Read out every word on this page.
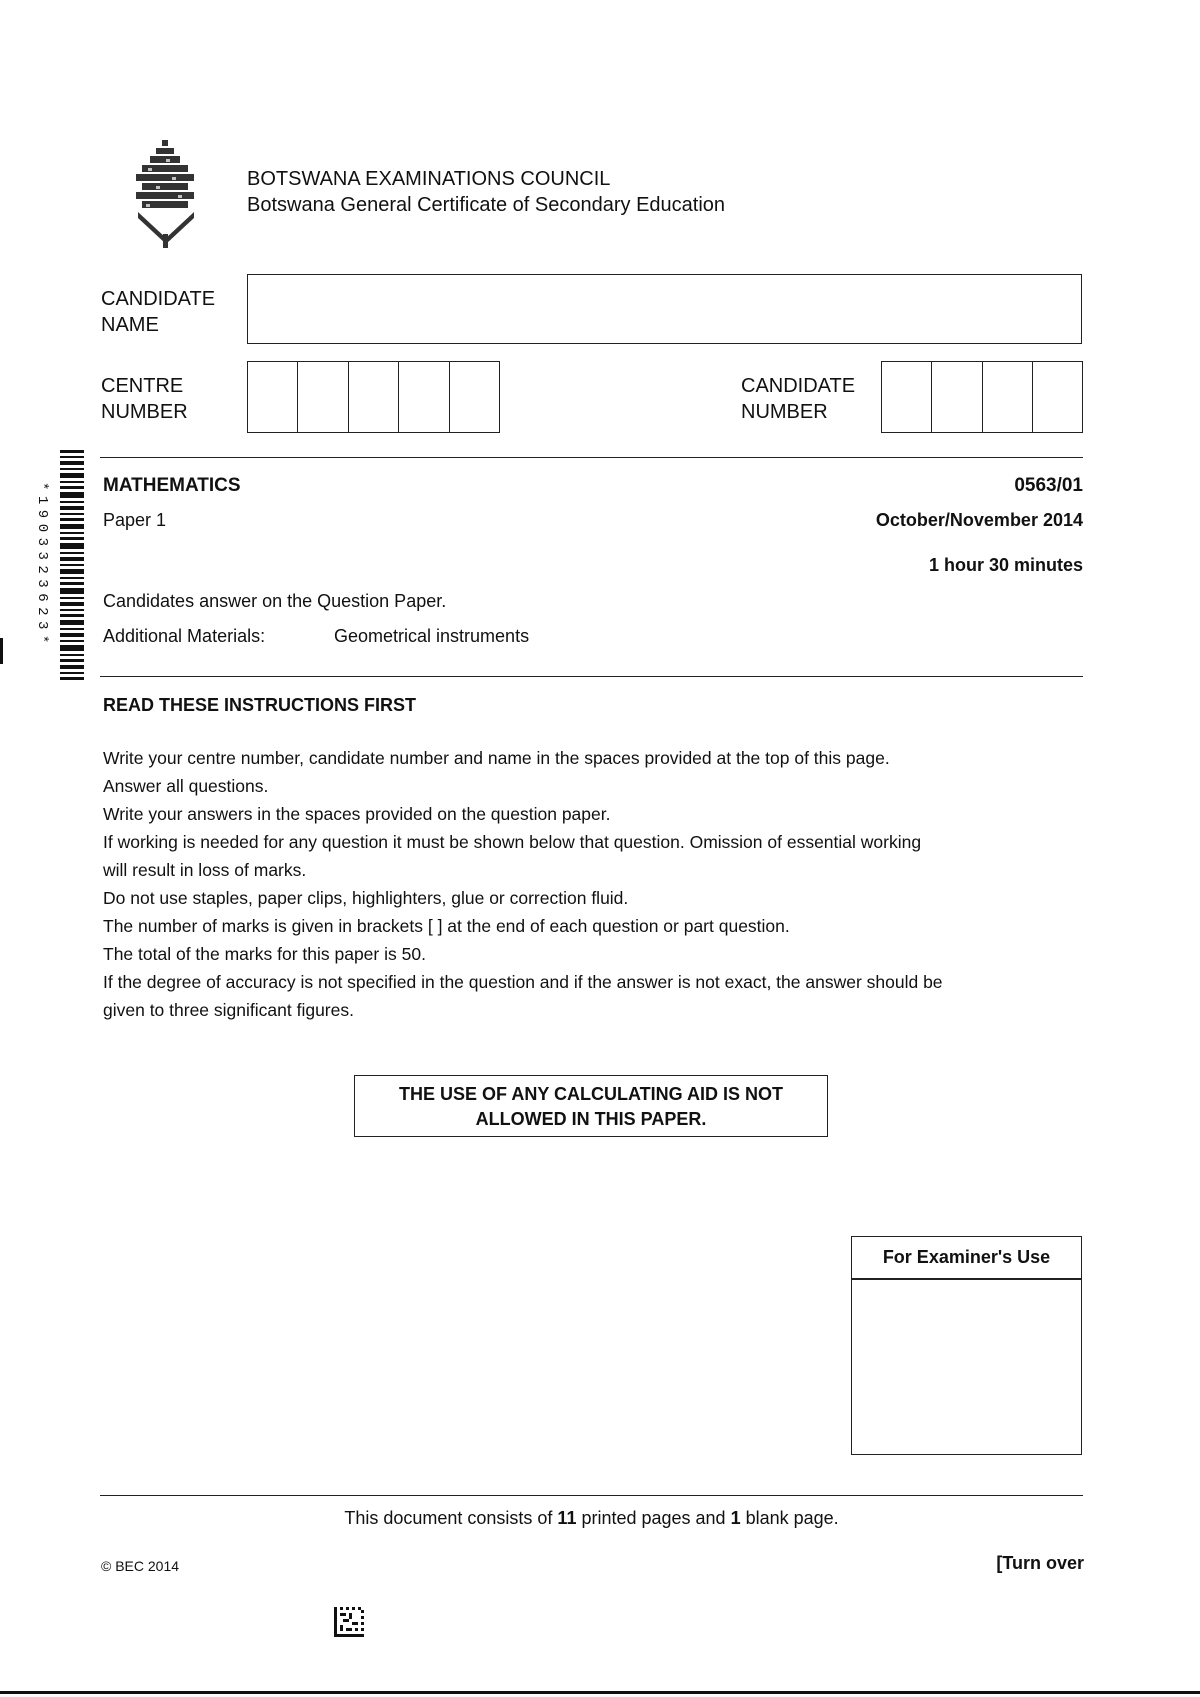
BOTSWANA EXAMINATIONS COUNCIL
Botswana General Certificate of Secondary Education
CANDIDATE
NAME
CENTRE
NUMBER
CANDIDATE
NUMBER
*1903323623*	MATHEMATICS	0563/01
Paper 1	October/November 2014
1 hour 30 minutes
Candidates answer on the Question Paper.
Additional Materials:	Geometrical instruments
READ THESE INSTRUCTIONS FIRST

Write your centre number, candidate number and name in the spaces provided at the top of this page.

Answer all questions.

Write your answers in the spaces provided on the question paper.

If working is needed for any question it must be shown below that question. Omission of essential working

will result in loss of marks.

Do not use staples, paper clips, highlighters, glue or correction fluid.

The number of marks is given in brackets [ ] at the end of each question or part question.

The total of the marks for this paper is 50.

If the degree of accuracy is not specified in the question and if the answer is not exact, the answer should be

given to three significant figures.

THE USE OF ANY CALCULATING AID IS NOT
ALLOWED IN THIS PAPER.
For Examiner's Use
This document consists of 11 printed pages and 1 blank page.
© BEC 2014	[Turn over
